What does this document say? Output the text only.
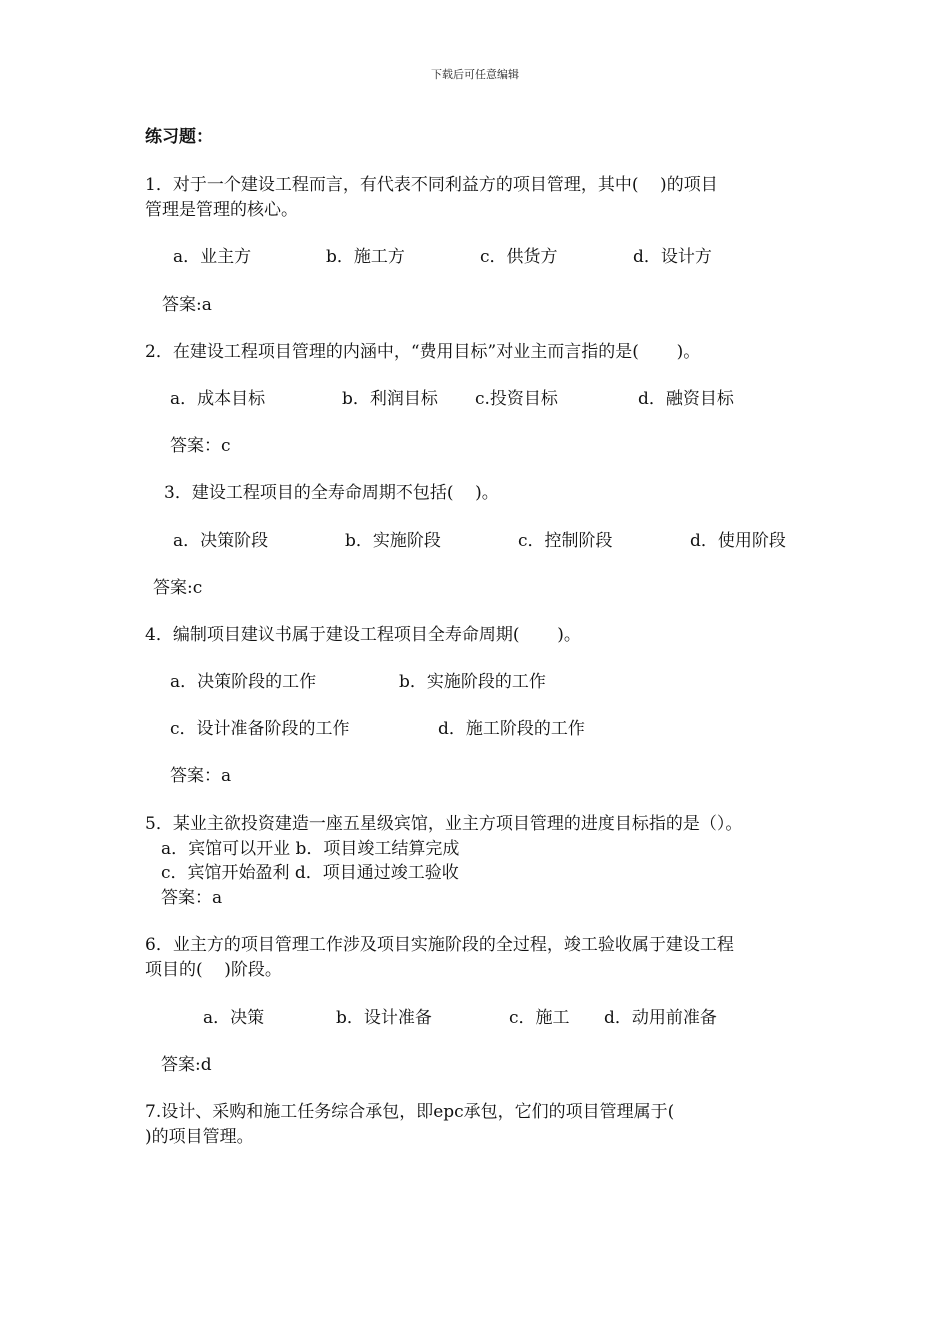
下载后可任意编辑
练习题：
1．对于一个建设工程而言，有代表不同利益方的项目管理，其中(    )的项目
管理是管理的核心。
a．业主方	b．施工方	c．供货方	d．设计方
答案:a
2．在建设工程项目管理的内涵中，“费用目标”对业主而言指的是(       )。
a．成本目标	b．利润目标 c.投资目标	d．融资目标
答案：c
3．建设工程项目的全寿命周期不包括(    )。
a．决策阶段	b．实施阶段	c．控制阶段	d．使用阶段
答案:c
4．编制项目建议书属于建设工程项目全寿命周期(       )。
a．决策阶段的工作	b．实施阶段的工作
c．设计准备阶段的工作	d．施工阶段的工作
答案：a
5．某业主欲投资建造一座五星级宾馆，业主方项目管理的进度目标指的是（）。
a．宾馆可以开业 b．项目竣工结算完成
c．宾馆开始盈利 d．项目通过竣工验收
答案：a
6．业主方的项目管理工作涉及项目实施阶段的全过程，竣工验收属于建设工程
项目的(    )阶段。
a．决策	b．设计准备	c．施工 d．动用前准备
答案:d
7.设计、采购和施工任务综合承包，即epc承包，它们的项目管理属于(
)的项目管理。
